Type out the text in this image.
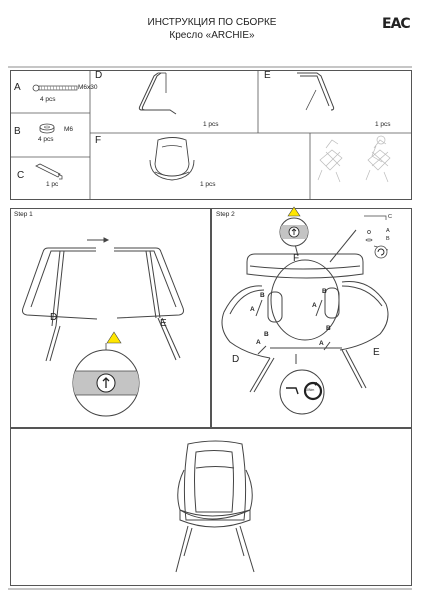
ИНСТРУКЦИЯ ПО СБОРКЕ
Кресло «ARCHIE»
EAC
A	M6x30
4 pcs
B	M6
4 pcs
C
1 pc
D
1 pcs
E
1 pcs
F
1 pcs
Step 1	Step 2
D
E
10Nm
F
B
B
A
A
A
B
B
A
D
E
C
A
B
